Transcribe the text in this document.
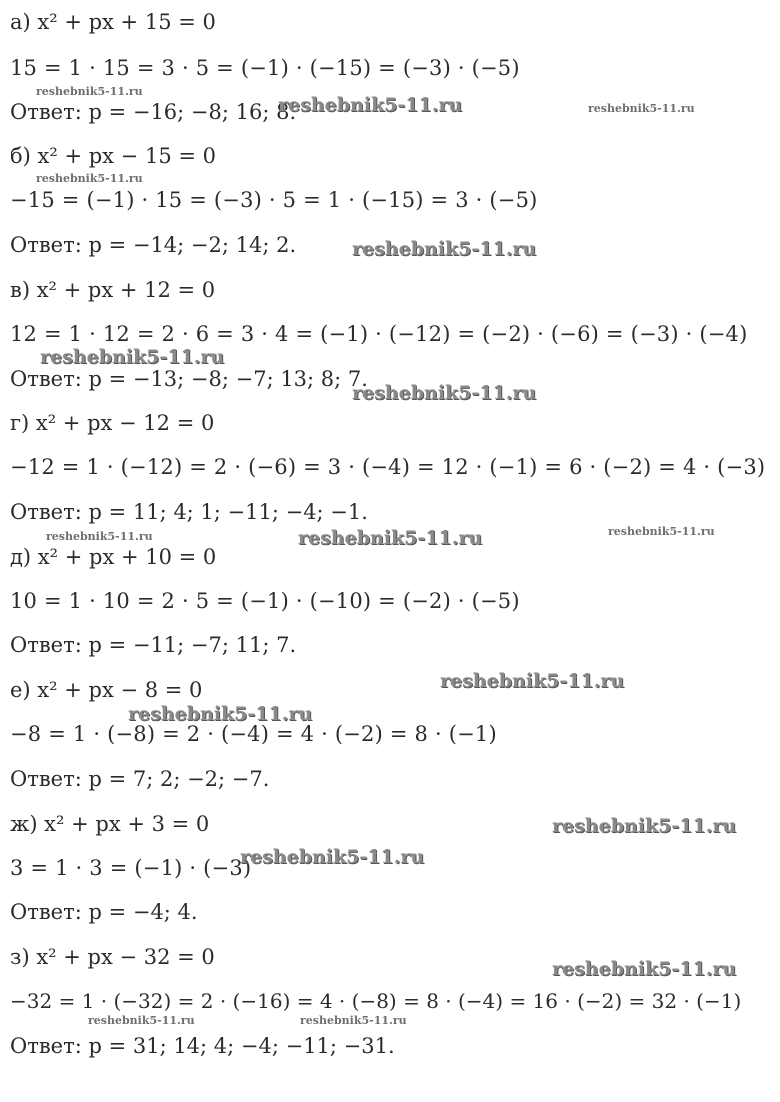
а) x² + px + 15 = 0
15 = 1 · 15 = 3 · 5 = (−1) · (−15) = (−3) · (−5)
Ответ: p = −16; −8; 16; 8.
б) x² + px − 15 = 0
−15 = (−1) · 15 = (−3) · 5 = 1 · (−15) = 3 · (−5)
Ответ: p = −14; −2; 14; 2.
в) x² + px + 12 = 0
12 = 1 · 12 = 2 · 6 = 3 · 4 = (−1) · (−12) = (−2) · (−6) = (−3) · (−4)
Ответ: p = −13; −8; −7; 13; 8; 7.
г) x² + px − 12 = 0
−12 = 1 · (−12) = 2 · (−6) = 3 · (−4) = 12 · (−1) = 6 · (−2) = 4 · (−3)
Ответ: p = 11; 4; 1; −11; −4; −1.
д) x² + px + 10 = 0
10 = 1 · 10 = 2 · 5 = (−1) · (−10) = (−2) · (−5)
Ответ: p = −11; −7; 11; 7.
е) x² + px − 8 = 0
−8 = 1 · (−8) = 2 · (−4) = 4 · (−2) = 8 · (−1)
Ответ: p = 7; 2; −2; −7.
ж) x² + px + 3 = 0
3 = 1 · 3 = (−1) · (−3)
Ответ: p = −4; 4.
з) x² + px − 32 = 0
−32 = 1 · (−32) = 2 · (−16) = 4 · (−8) = 8 · (−4) = 16 · (−2) = 32 · (−1)
Ответ: p = 31; 14; 4; −4; −11; −31.
reshebnik5-11.ru
reshebnik5-11.ru	reshebnik5-11.ru
reshebnik5-11.ru
reshebnik5-11.ru
reshebnik5-11.ru
reshebnik5-11.ru
reshebnik5-11.ru	reshebnik5-11.ru	reshebnik5-11.ru
reshebnik5-11.ru
reshebnik5-11.ru
reshebnik5-11.ru
reshebnik5-11.ru
reshebnik5-11.ru
reshebnik5-11.ru	reshebnik5-11.ru
